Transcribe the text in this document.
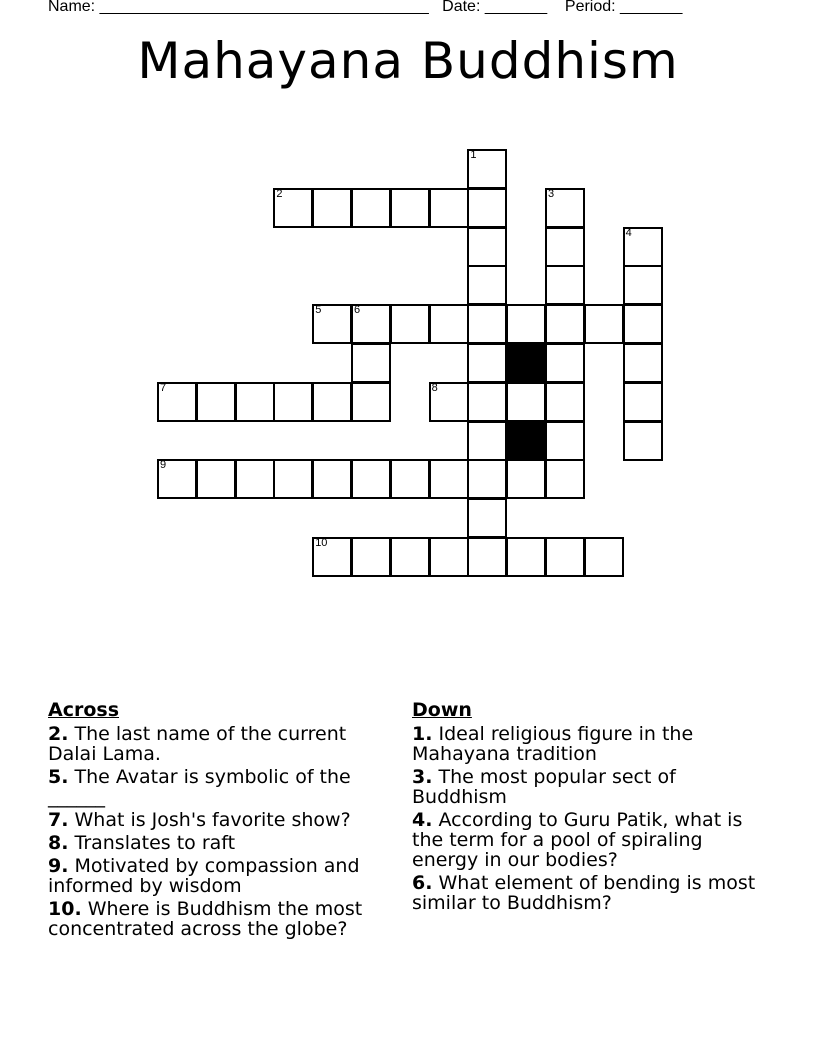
Name: _____________________________________   Date: _______    Period: _______
Mahayana Buddhism
1
2	3
4
5	6
7	8
9
10
Across
2. The last name of the current Dalai Lama.
5. The Avatar is symbolic of the ______
7. What is Josh's favorite show?
8. Translates to raft
9. Motivated by compassion and informed by wisdom
10. Where is Buddhism the most concentrated across the globe?
Down
1. Ideal religious figure in the Mahayana tradition
3. The most popular sect of Buddhism
4. According to Guru Patik, what is the term for a pool of spiraling energy in our bodies?
6. What element of bending is most similar to Buddhism?
